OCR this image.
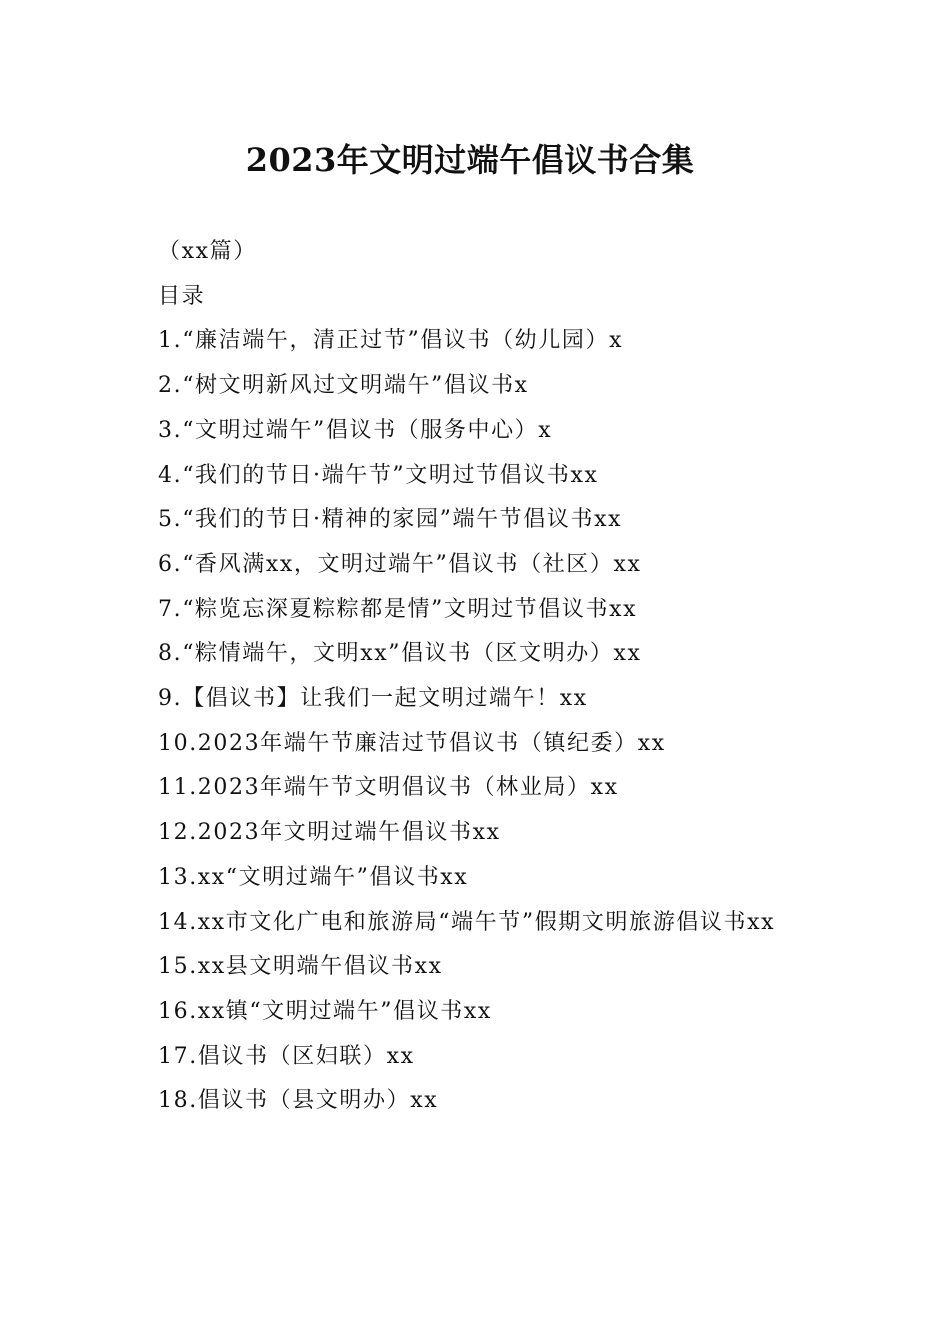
2023年文明过端午倡议书合集

（xx篇）

目录

1.“廉洁端午，清正过节”倡议书（幼儿园）x

2.“树文明新风过文明端午”倡议书x

3.“文明过端午”倡议书（服务中心）x

4.“我们的节日·端午节”文明过节倡议书xx

5.“我们的节日·精神的家园”端午节倡议书xx

6.“香风满xx，文明过端午”倡议书（社区）xx

7.“粽览忘深夏粽粽都是情”文明过节倡议书xx

8.“粽情端午，文明xx”倡议书（区文明办）xx

9.【倡议书】让我们一起文明过端午！xx

10.2023年端午节廉洁过节倡议书（镇纪委）xx

11.2023年端午节文明倡议书（林业局）xx

12.2023年文明过端午倡议书xx

13.xx“文明过端午”倡议书xx

14.xx市文化广电和旅游局“端午节”假期文明旅游倡议书xx

15.xx县文明端午倡议书xx

16.xx镇“文明过端午”倡议书xx

17.倡议书（区妇联）xx

18.倡议书（县文明办）xx
